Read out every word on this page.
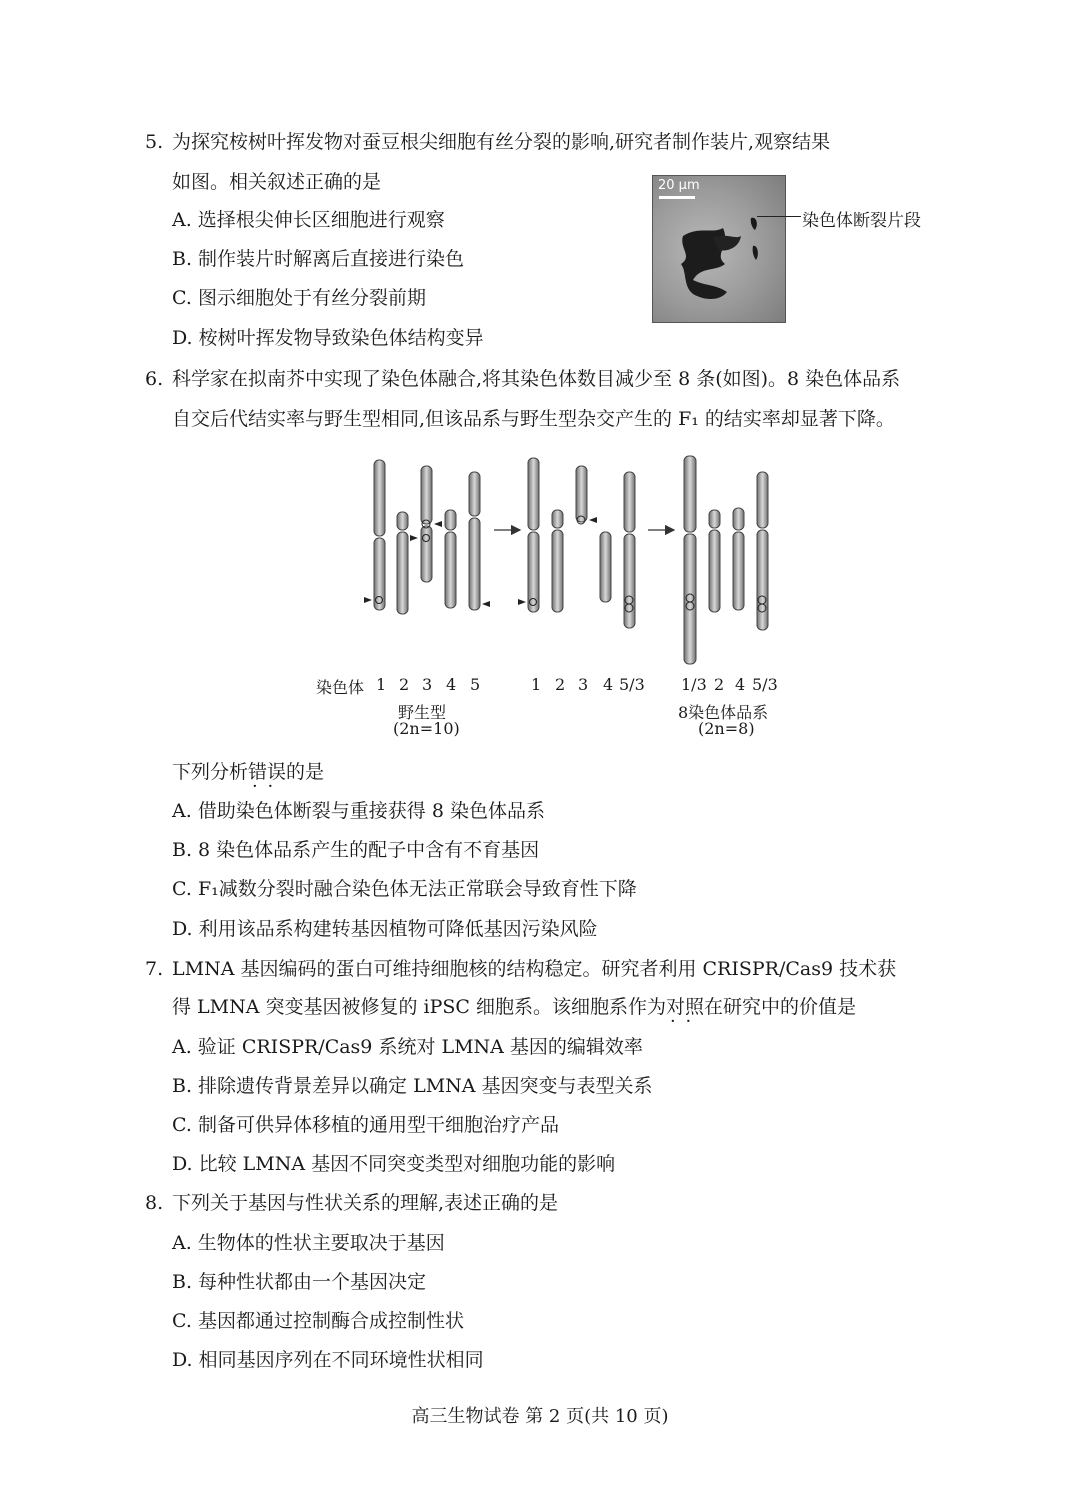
5. 为探究桉树叶挥发物对蚕豆根尖细胞有丝分裂的影响,研究者制作装片,观察结果
如图。相关叙述正确的是
A. 选择根尖伸长区细胞进行观察
B. 制作装片时解离后直接进行染色
C. 图示细胞处于有丝分裂前期
D. 桉树叶挥发物导致染色体结构变异
20 μm
染色体断裂片段
6. 科学家在拟南芥中实现了染色体融合,将其染色体数目减少至 8 条(如图)。8 染色体品系
自交后代结实率与野生型相同,但该品系与野生型杂交产生的 F₁ 的结实率却显著下降。
染色体 1 2 3 4 5	1 2 3 4 5/3 1/3 2 4 5/3
野生型
(2n=10)
8染色体品系
(2n=8)
下列分析错误 · ·的是
A. 借助染色体断裂与重接获得 8 染色体品系
B. 8 染色体品系产生的配子中含有不育基因
C. F₁减数分裂时融合染色体无法正常联会导致育性下降
D. 利用该品系构建转基因植物可降低基因污染风险
7. LMNA 基因编码的蛋白可维持细胞核的结构稳定。研究者利用 CRISPR/Cas9 技术获
得 LMNA 突变基因被修复的 iPSC 细胞系。该细胞系作为对照 · ·在研究中的价值是
A. 验证 CRISPR/Cas9 系统对 LMNA 基因的编辑效率
B. 排除遗传背景差异以确定 LMNA 基因突变与表型关系
C. 制备可供异体移植的通用型干细胞治疗产品
D. 比较 LMNA 基因不同突变类型对细胞功能的影响
8. 下列关于基因与性状关系的理解,表述正确的是
A. 生物体的性状主要取决于基因
B. 每种性状都由一个基因决定
C. 基因都通过控制酶合成控制性状
D. 相同基因序列在不同环境性状相同
高三生物试卷 第 2 页(共 10 页)
